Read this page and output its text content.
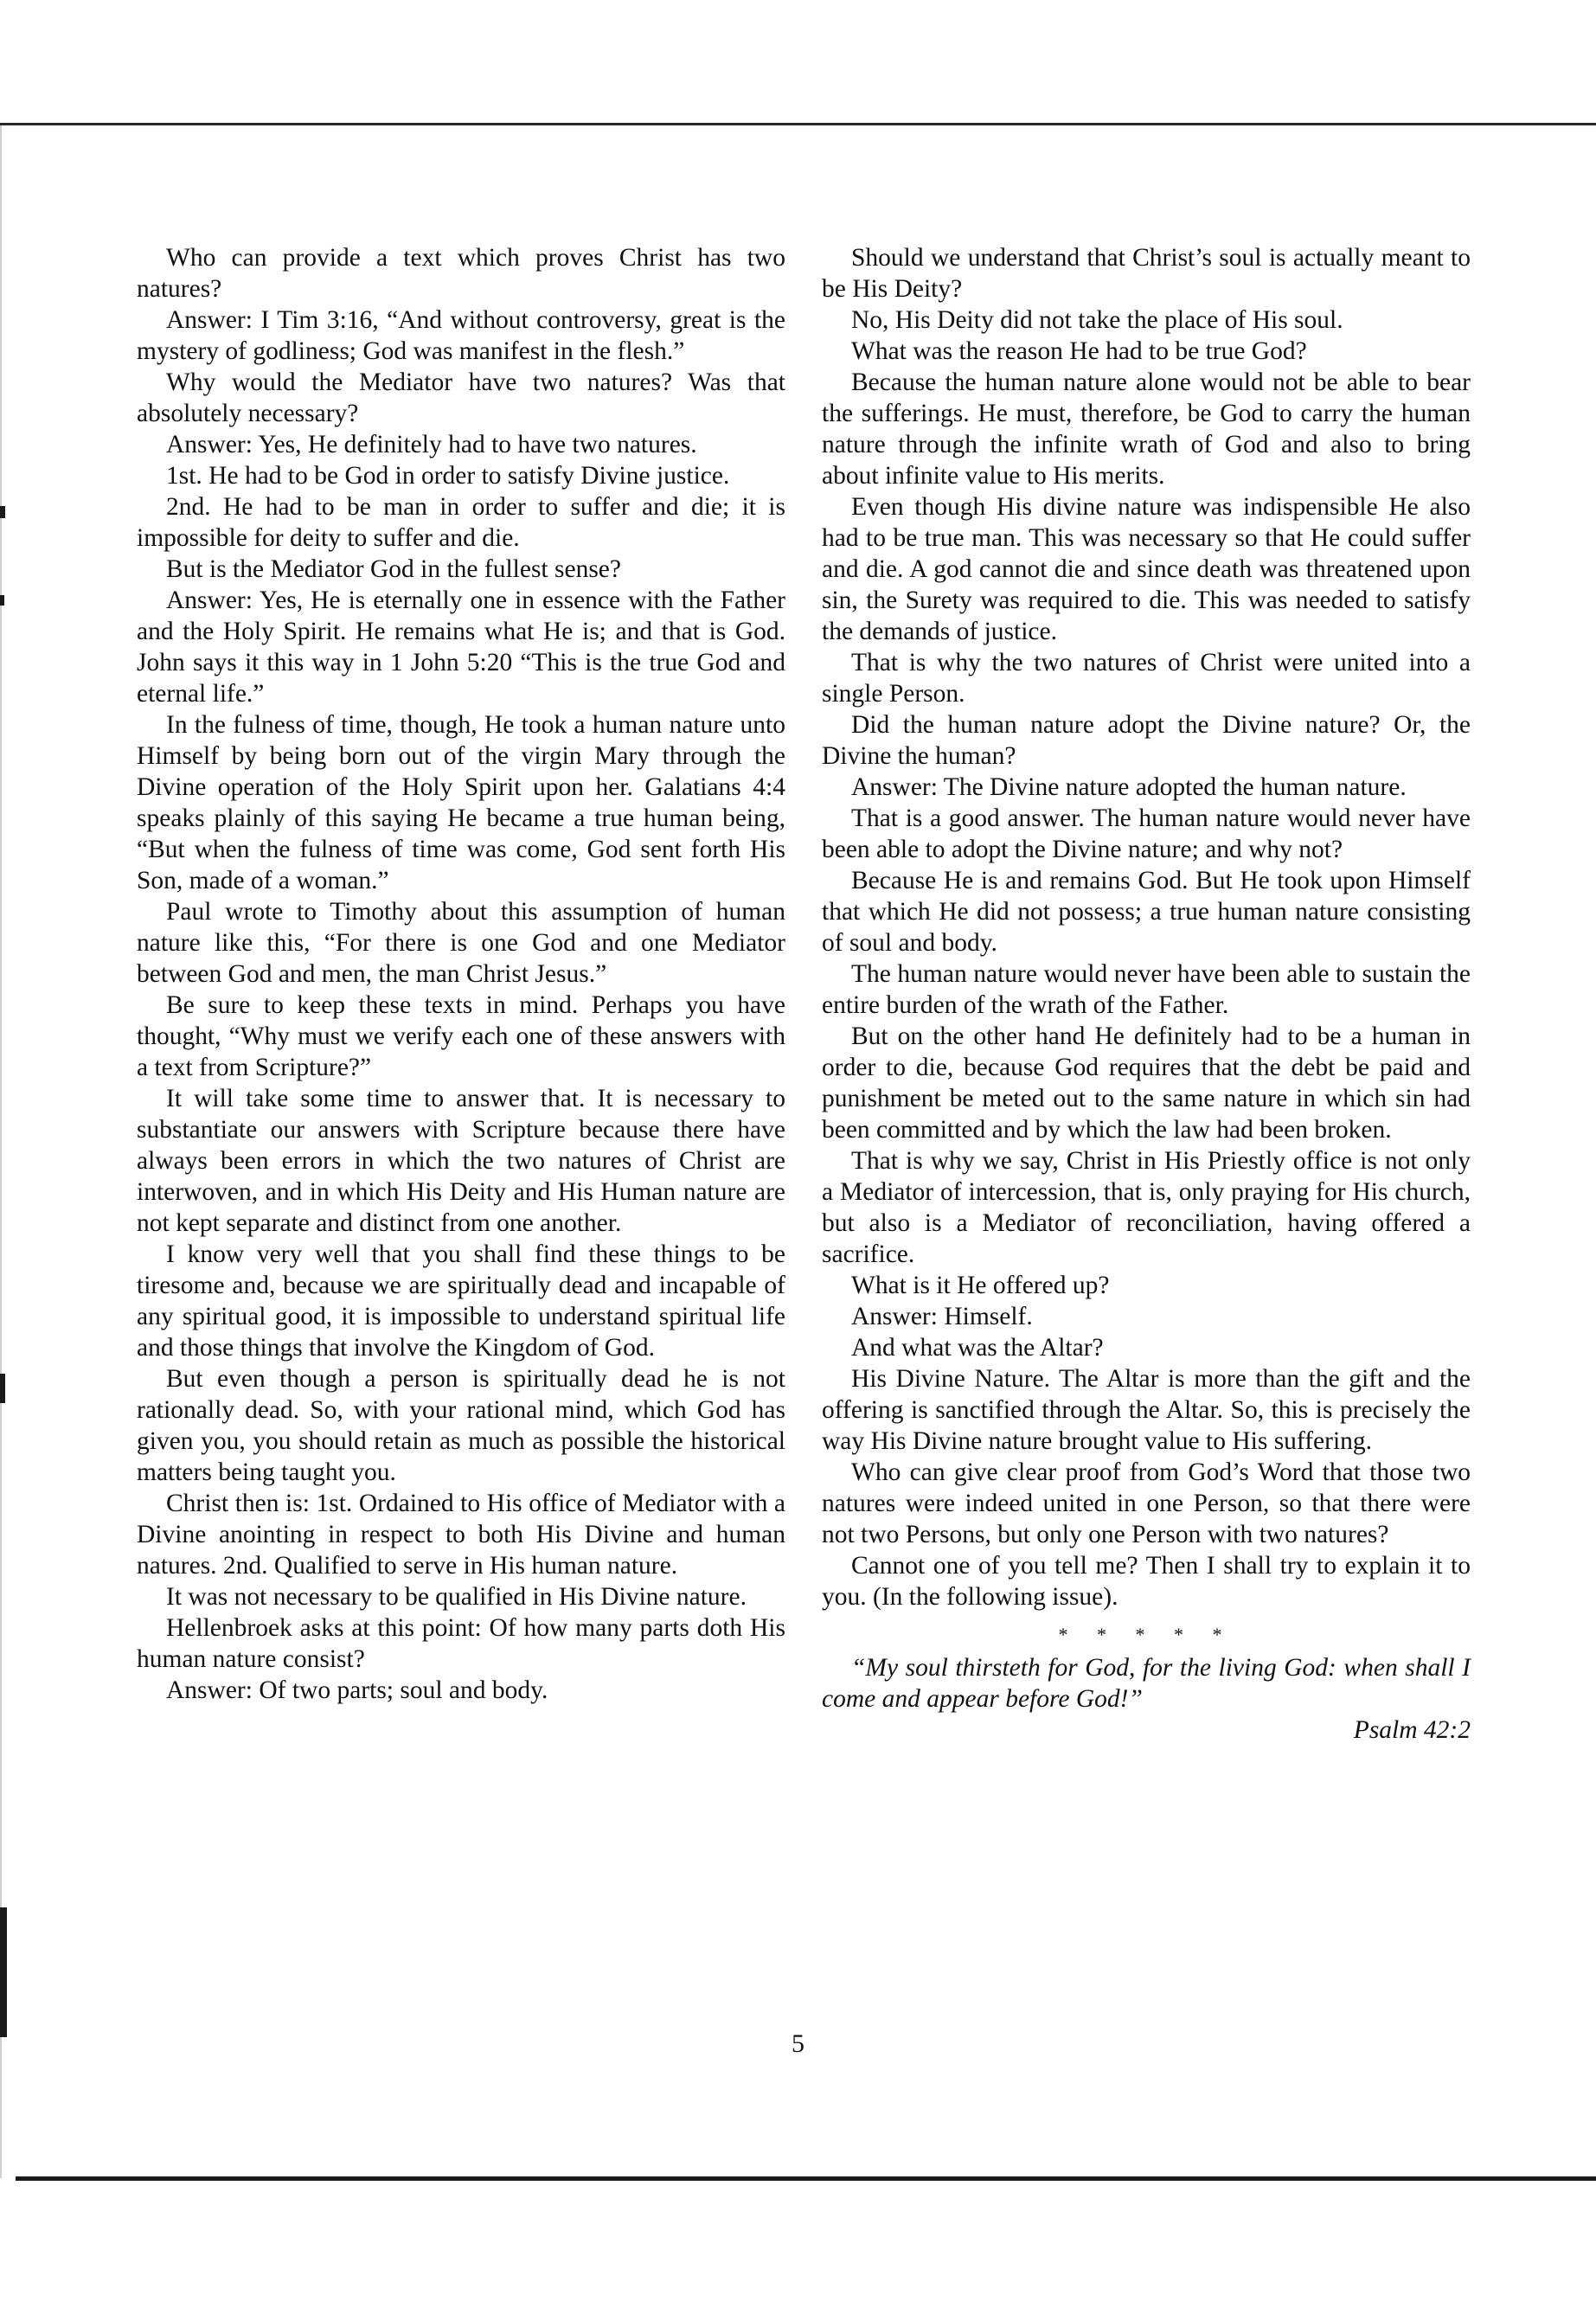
Who can provide a text which proves Christ has two natures?

Answer: I Tim 3:16, “And without controversy, great is the mystery of godliness; God was manifest in the flesh.”

Why would the Mediator have two natures? Was that absolutely necessary?

Answer: Yes, He definitely had to have two natures.

1st. He had to be God in order to satisfy Divine justice.

2nd. He had to be man in order to suffer and die; it is impossible for deity to suffer and die.

But is the Mediator God in the fullest sense?

Answer: Yes, He is eternally one in essence with the Father and the Holy Spirit. He remains what He is; and that is God. John says it this way in 1 John 5:20 “This is the true God and eternal life.”

In the fulness of time, though, He took a human nature unto Himself by being born out of the virgin Mary through the Divine operation of the Holy Spirit upon her. Galatians 4:4 speaks plainly of this saying He became a true human being, “But when the fulness of time was come, God sent forth His Son, made of a woman.”

Paul wrote to Timothy about this assumption of human nature like this, “For there is one God and one Mediator between God and men, the man Christ Jesus.”

Be sure to keep these texts in mind. Perhaps you have thought, “Why must we verify each one of these answers with a text from Scripture?”

It will take some time to answer that. It is necessary to substantiate our answers with Scripture because there have always been errors in which the two natures of Christ are interwoven, and in which His Deity and His Human nature are not kept separate and distinct from one another.

I know very well that you shall find these things to be tiresome and, because we are spiritually dead and incapable of any spiritual good, it is impossible to understand spiritual life and those things that involve the Kingdom of God.

But even though a person is spiritually dead he is not rationally dead. So, with your rational mind, which God has given you, you should retain as much as possible the historical matters being taught you.

Christ then is: 1st. Ordained to His office of Mediator with a Divine anointing in respect to both His Divine and human natures. 2nd. Qualified to serve in His human nature.

It was not necessary to be qualified in His Divine nature.

Hellenbroek asks at this point: Of how many parts doth His human nature consist?

Answer: Of two parts; soul and body.

Should we understand that Christ’s soul is actually meant to be His Deity?

No, His Deity did not take the place of His soul.

What was the reason He had to be true God?

Because the human nature alone would not be able to bear the sufferings. He must, therefore, be God to carry the human nature through the infinite wrath of God and also to bring about infinite value to His merits.

Even though His divine nature was indispensible He also had to be true man. This was necessary so that He could suffer and die. A god cannot die and since death was threatened upon sin, the Surety was required to die. This was needed to satisfy the demands of justice.

That is why the two natures of Christ were united into a single Person.

Did the human nature adopt the Divine nature? Or, the Divine the human?

Answer: The Divine nature adopted the human nature.

That is a good answer. The human nature would never have been able to adopt the Divine nature; and why not?

Because He is and remains God. But He took upon Himself that which He did not possess; a true human nature consisting of soul and body.

The human nature would never have been able to sustain the entire burden of the wrath of the Father.

But on the other hand He definitely had to be a human in order to die, because God requires that the debt be paid and punishment be meted out to the same nature in which sin had been committed and by which the law had been broken.

That is why we say, Christ in His Priestly office is not only a Mediator of intercession, that is, only praying for His church, but also is a Mediator of reconciliation, having offered a sacrifice.

What is it He offered up?

Answer: Himself.

And what was the Altar?

His Divine Nature. The Altar is more than the gift and the offering is sanctified through the Altar. So, this is precisely the way His Divine nature brought value to His suffering.

Who can give clear proof from God’s Word that those two natures were indeed united in one Person, so that there were not two Persons, but only one Person with two natures?

Cannot one of you tell me? Then I shall try to explain it to you. (In the following issue).

* * * * *

“My soul thirsteth for God, for the living God: when shall I come and appear before God!”

Psalm 42:2
5
